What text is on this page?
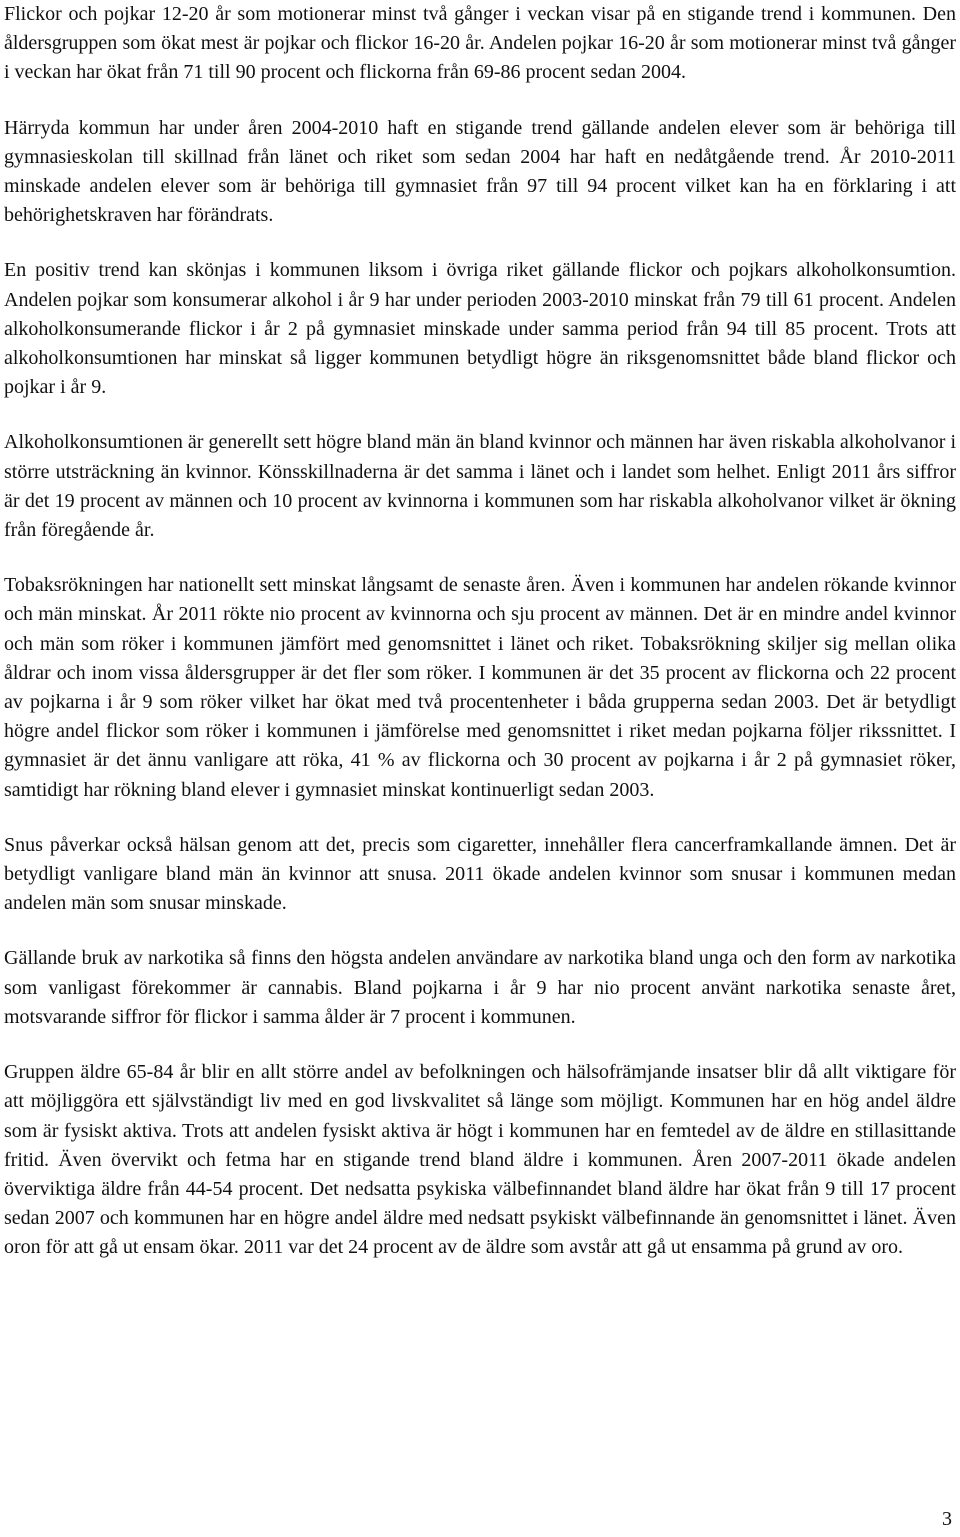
Flickor och pojkar 12-20 år som motionerar minst två gånger i veckan visar på en stigande trend i kommunen. Den åldersgruppen som ökat mest är pojkar och flickor 16-20 år. Andelen pojkar 16-20 år som motionerar minst två gånger i veckan har ökat från 71 till 90 procent och flickorna från 69-86 procent sedan 2004.

Härryda kommun har under åren 2004-2010 haft en stigande trend gällande andelen elever som är behöriga till gymnasieskolan till skillnad från länet och riket som sedan 2004 har haft en nedåtgående trend. År 2010-2011 minskade andelen elever som är behöriga till gymnasiet från 97 till 94 procent vilket kan ha en förklaring i att behörighetskraven har förändrats.

En positiv trend kan skönjas i kommunen liksom i övriga riket gällande flickor och pojkars alkoholkonsumtion. Andelen pojkar som konsumerar alkohol i år 9 har under perioden 2003-2010 minskat från 79 till 61 procent. Andelen alkoholkonsumerande flickor i år 2 på gymnasiet minskade under samma period från 94 till 85 procent. Trots att alkoholkonsumtionen har minskat så ligger kommunen betydligt högre än riksgenomsnittet både bland flickor och pojkar i år 9.

Alkoholkonsumtionen är generellt sett högre bland män än bland kvinnor och männen har även riskabla alkoholvanor i större utsträckning än kvinnor. Könsskillnaderna är det samma i länet och i landet som helhet. Enligt 2011 års siffror är det 19 procent av männen och 10 procent av kvinnorna i kommunen som har riskabla alkoholvanor vilket är ökning från föregående år.

Tobaksrökningen har nationellt sett minskat långsamt de senaste åren. Även i kommunen har andelen rökande kvinnor och män minskat. År 2011 rökte nio procent av kvinnorna och sju procent av männen. Det är en mindre andel kvinnor och män som röker i kommunen jämfört med genomsnittet i länet och riket. Tobaksrökning skiljer sig mellan olika åldrar och inom vissa åldersgrupper är det fler som röker. I kommunen är det 35 procent av flickorna och 22 procent av pojkarna i år 9 som röker vilket har ökat med två procentenheter i båda grupperna sedan 2003. Det är betydligt högre andel flickor som röker i kommunen i jämförelse med genomsnittet i riket medan pojkarna följer rikssnittet. I gymnasiet är det ännu vanligare att röka, 41 % av flickorna och 30 procent av pojkarna i år 2 på gymnasiet röker, samtidigt har rökning bland elever i gymnasiet minskat kontinuerligt sedan 2003.

Snus påverkar också hälsan genom att det, precis som cigaretter, innehåller flera cancerframkallande ämnen. Det är betydligt vanligare bland män än kvinnor att snusa. 2011 ökade andelen kvinnor som snusar i kommunen medan andelen män som snusar minskade.

Gällande bruk av narkotika så finns den högsta andelen användare av narkotika bland unga och den form av narkotika som vanligast förekommer är cannabis. Bland pojkarna i år 9 har nio procent använt narkotika senaste året, motsvarande siffror för flickor i samma ålder är 7 procent i kommunen.

Gruppen äldre 65-84 år blir en allt större andel av befolkningen och hälsofrämjande insatser blir då allt viktigare för att möjliggöra ett självständigt liv med en god livskvalitet så länge som möjligt. Kommunen har en hög andel äldre som är fysiskt aktiva. Trots att andelen fysiskt aktiva är högt i kommunen har en femtedel av de äldre en stillasittande fritid. Även övervikt och fetma har en stigande trend bland äldre i kommunen. Åren 2007-2011 ökade andelen överviktiga äldre från 44-54 procent. Det nedsatta psykiska välbefinnandet bland äldre har ökat från 9 till 17 procent sedan 2007 och kommunen har en högre andel äldre med nedsatt psykiskt välbefinnande än genomsnittet i länet. Även oron för att gå ut ensam ökar. 2011 var det 24 procent av de äldre som avstår att gå ut ensamma på grund av oro.

3
